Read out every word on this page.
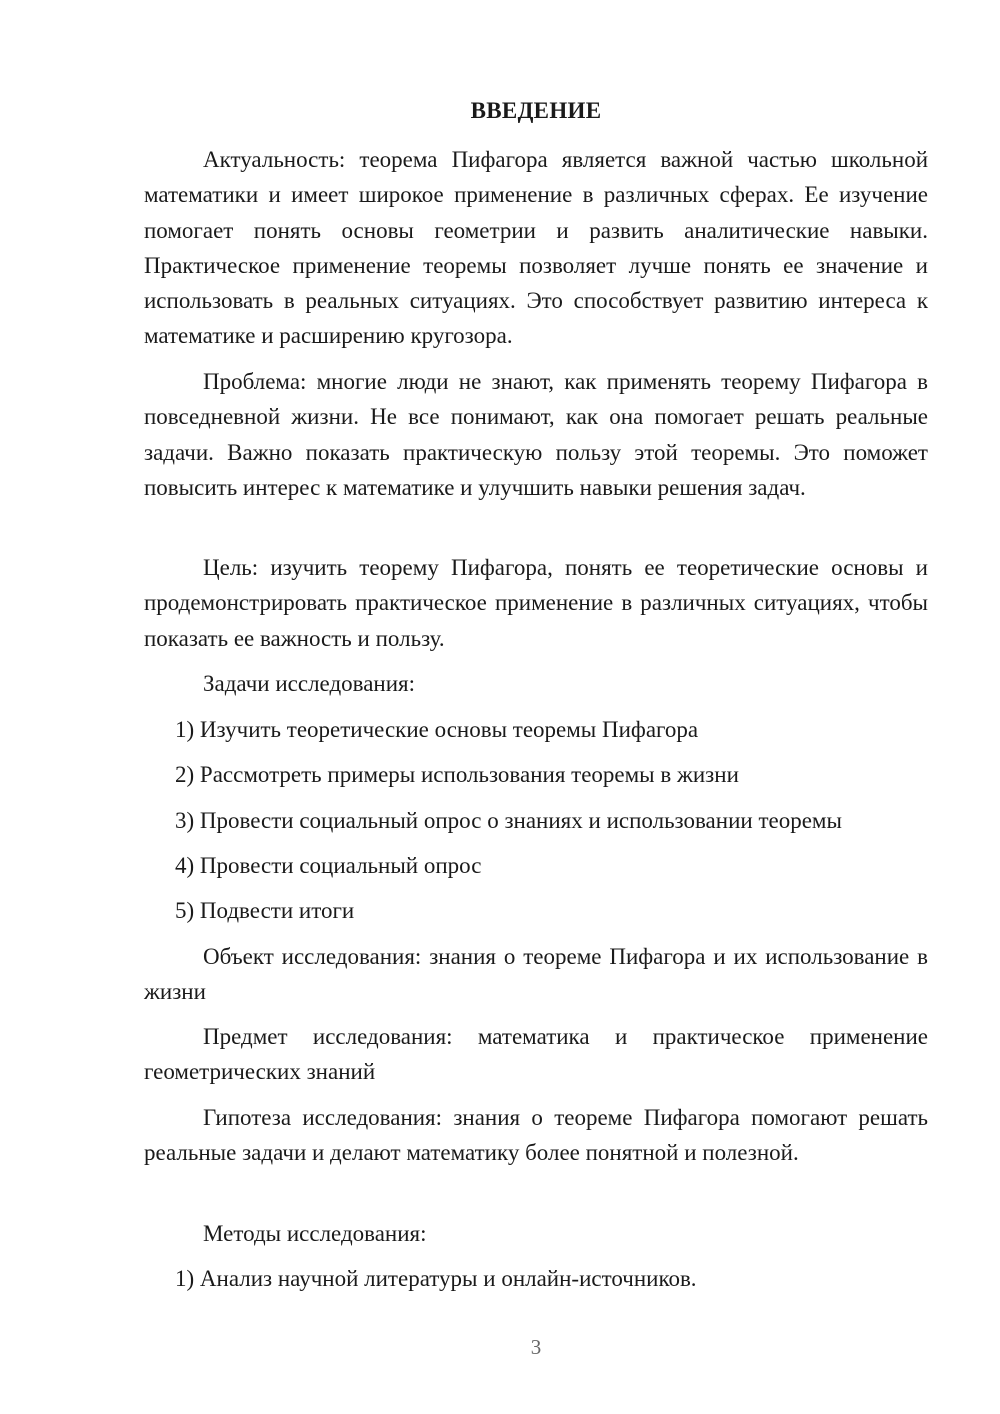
ВВЕДЕНИЕ

Актуальность: теорема Пифагора является важной частью школьной математики и имеет широкое применение в различных сферах. Ее изучение помогает понять основы геометрии и развить аналитические навыки. Практическое применение теоремы позволяет лучше понять ее значение и использовать в реальных ситуациях. Это способствует развитию интереса к математике и расширению кругозора.

Проблема: многие люди не знают, как применять теорему Пифагора в повседневной жизни. Не все понимают, как она помогает решать реальные задачи. Важно показать практическую пользу этой теоремы. Это поможет повысить интерес к математике и улучшить навыки решения задач.

Цель: изучить теорему Пифагора, понять ее теоретические основы и продемонстрировать практическое применение в различных ситуациях, чтобы показать ее важность и пользу.

Задачи исследования:

1) Изучить теоретические основы теоремы Пифагора

2) Рассмотреть примеры использования теоремы в жизни

3) Провести социальный опрос о знаниях и использовании теоремы

4) Провести социальный опрос

5) Подвести итоги

Объект исследования: знания о теореме Пифагора и их использование в жизни

Предмет исследования: математика и практическое применение геометрических знаний

Гипотеза исследования: знания о теореме Пифагора помогают решать реальные задачи и делают математику более понятной и полезной.

Методы исследования:

1) Анализ научной литературы и онлайн-источников.

3
